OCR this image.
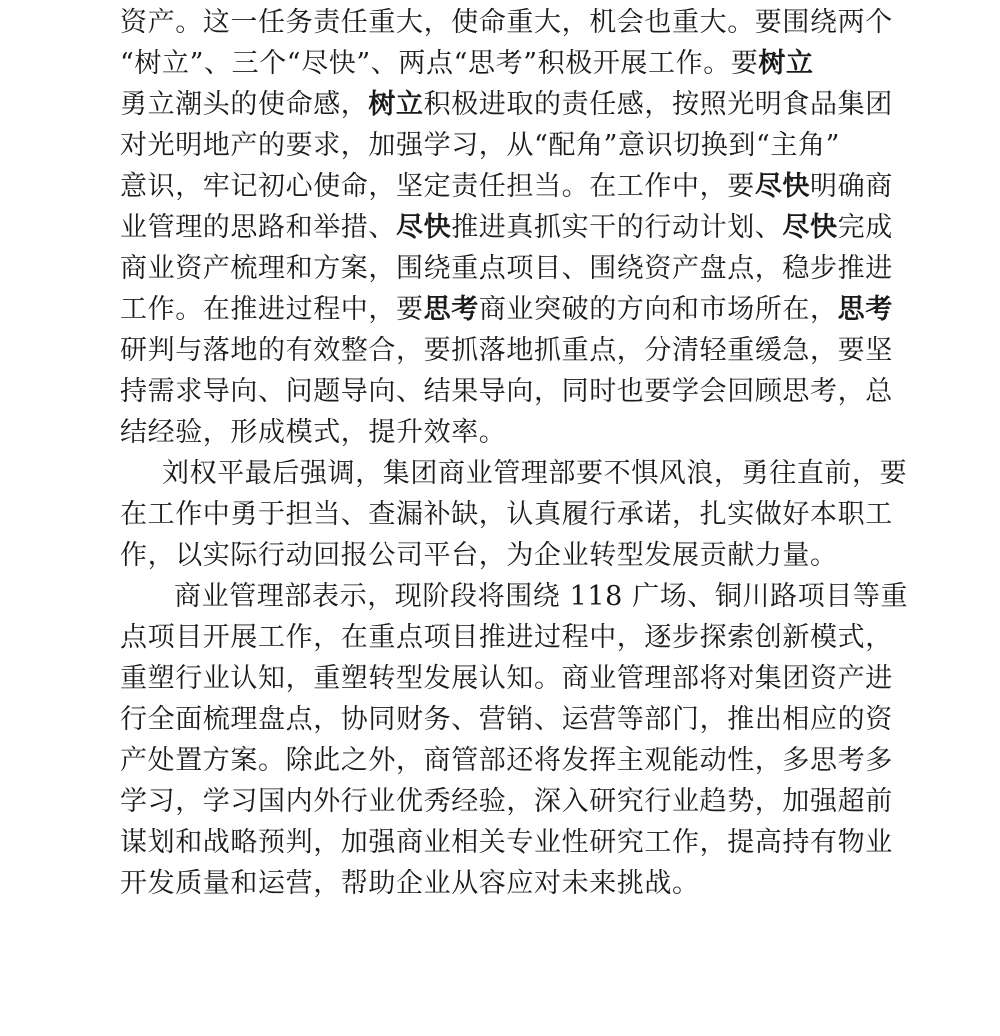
资产。这一任务责任重大，使命重大，机会也重大。要围绕两个
“树立”、三个“尽快”、两点“思考”积极开展工作。要树立
勇立潮头的使命感，树立积极进取的责任感，按照光明食品集团
对光明地产的要求，加强学习，从“配角”意识切换到“主角”
意识，牢记初心使命，坚定责任担当。在工作中，要尽快明确商
业管理的思路和举措、尽快推进真抓实干的行动计划、尽快完成
商业资产梳理和方案，围绕重点项目、围绕资产盘点，稳步推进
工作。在推进过程中，要思考商业突破的方向和市场所在，思考
研判与落地的有效整合，要抓落地抓重点，分清轻重缓急，要坚
持需求导向、问题导向、结果导向，同时也要学会回顾思考，总
结经验，形成模式，提升效率。
刘权平最后强调，集团商业管理部要不惧风浪，勇往直前，要
在工作中勇于担当、查漏补缺，认真履行承诺，扎实做好本职工
作，以实际行动回报公司平台，为企业转型发展贡献力量。
商业管理部表示，现阶段将围绕 118 广场、铜川路项目等重
点项目开展工作，在重点项目推进过程中，逐步探索创新模式，
重塑行业认知，重塑转型发展认知。商业管理部将对集团资产进
行全面梳理盘点，协同财务、营销、运营等部门，推出相应的资
产处置方案。除此之外，商管部还将发挥主观能动性，多思考多
学习，学习国内外行业优秀经验，深入研究行业趋势，加强超前
谋划和战略预判，加强商业相关专业性研究工作，提高持有物业
开发质量和运营，帮助企业从容应对未来挑战。
